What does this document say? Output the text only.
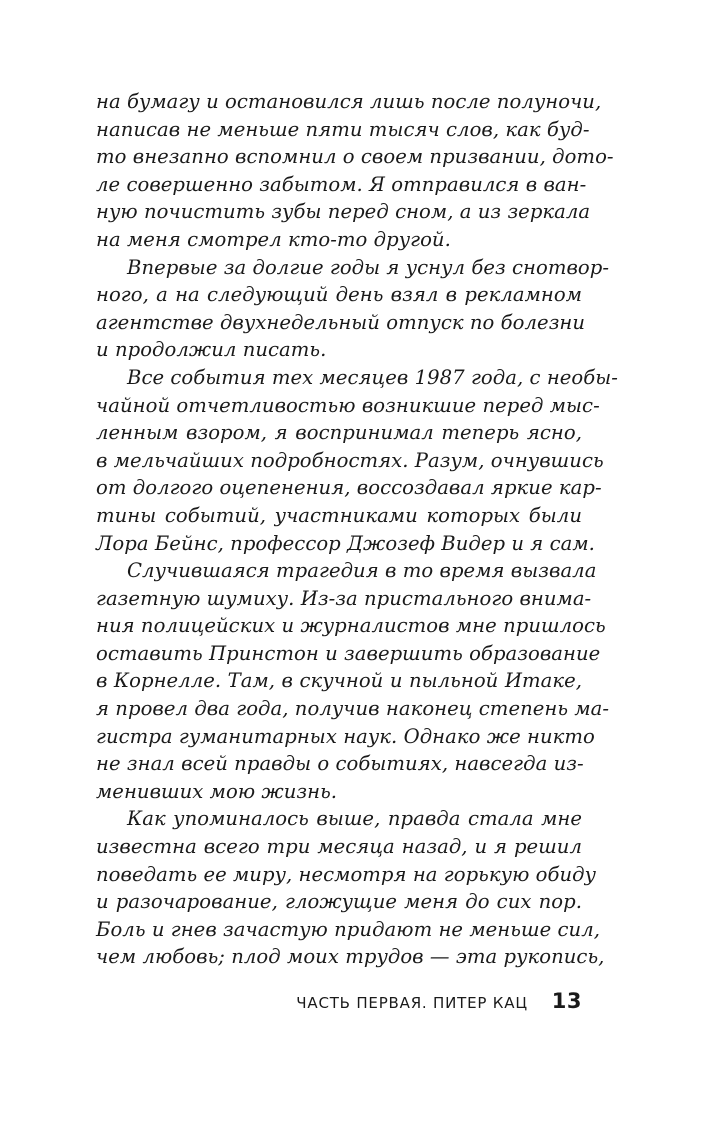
на бумагу и остановился лишь после полуночи,
написав не меньше пяти тысяч слов, как буд-
то внезапно вспомнил о своем призвании, дото-
ле совершенно забытом. Я отправился в ван-
ную почистить зубы перед сном, а из зеркала
на меня смотрел кто-то другой.
Впервые за долгие годы я уснул без снотвор-
ного, а на следующий день взял в рекламном
агентстве двухнедельный отпуск по болезни
и продолжил писать.
Все события тех месяцев 1987 года, с необы-
чайной отчетливостью возникшие перед мыс-
ленным взором, я воспринимал теперь ясно,
в мельчайших подробностях. Разум, очнувшись
от долгого оцепенения, воссоздавал яркие кар-
тины событий, участниками которых были
Лора Бейнс, профессор Джозеф Видер и я сам.
Случившаяся трагедия в то время вызвала
газетную шумиху. Из-за пристального внима-
ния полицейских и журналистов мне пришлось
оставить Принстон и завершить образование
в Корнелле. Там, в скучной и пыльной Итаке,
я провел два года, получив наконец степень ма-
гистра гуманитарных наук. Однако же никто
не знал всей правды о событиях, навсегда из-
менивших мою жизнь.
Как упоминалось выше, правда стала мне
известна всего три месяца назад, и я решил
поведать ее миру, несмотря на горькую обиду
и разочарование, гложущие меня до сих пор.
Боль и гнев зачастую придают не меньше сил,
чем любовь; плод моих трудов — эта рукопись,
ЧАСТЬ ПЕРВАЯ. ПИТЕР КАЦ 13
